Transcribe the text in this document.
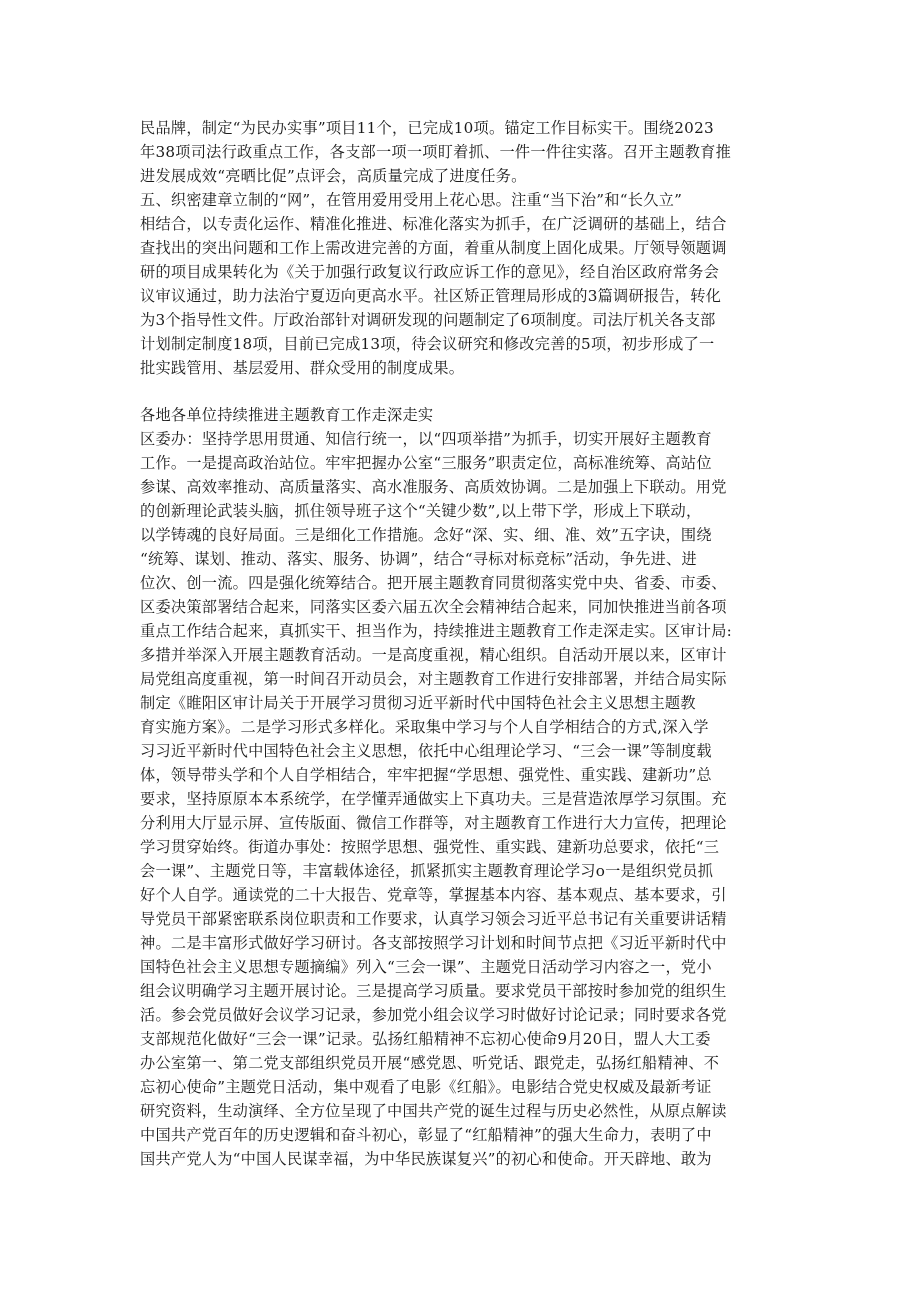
民品牌，制定“为民办实事”项目11个，已完成10项。锚定工作目标实干。围绕2023
年38项司法行政重点工作，各支部一项一项盯着抓、一件一件往实落。召开主题教育推
进发展成效“亮晒比促”点评会，高质量完成了进度任务。
五、织密建章立制的“网”，在管用爱用受用上花心思。注重“当下治”和“长久立”
相结合，以专责化运作、精准化推进、标准化落实为抓手，在广泛调研的基础上，结合
查找出的突出问题和工作上需改进完善的方面，着重从制度上固化成果。厅领导领题调
研的项目成果转化为《关于加强行政复议行政应诉工作的意见》，经自治区政府常务会
议审议通过，助力法治宁夏迈向更高水平。社区矫正管理局形成的3篇调研报告，转化
为3个指导性文件。厅政治部针对调研发现的问题制定了6项制度。司法厅机关各支部
计划制定制度18项，目前已完成13项，待会议研究和修改完善的5项，初步形成了一
批实践管用、基层爱用、群众受用的制度成果。
各地各单位持续推进主题教育工作走深走实
区委办：坚持学思用贯通、知信行统一，以“四项举措”为抓手，切实开展好主题教育
工作。一是提高政治站位。牢牢把握办公室“三服务”职责定位，高标准统筹、高站位
参谋、高效率推动、高质量落实、高水准服务、高质效协调。二是加强上下联动。用党
的创新理论武装头脑，抓住领导班子这个“关键少数”,以上带下学，形成上下联动，
以学铸魂的良好局面。三是细化工作措施。念好“深、实、细、准、效”五字诀，围绕
“统筹、谋划、推动、落实、服务、协调”，结合“寻标对标竞标”活动，争先进、进
位次、创一流。四是强化统筹结合。把开展主题教育同贯彻落实党中央、省委、市委、
区委决策部署结合起来，同落实区委六届五次全会精神结合起来，同加快推进当前各项
重点工作结合起来，真抓实干、担当作为，持续推进主题教育工作走深走实。区审计局:
多措并举深入开展主题教育活动。一是高度重视，精心组织。自活动开展以来，区审计
局党组高度重视，第一时间召开动员会，对主题教育工作进行安排部署，并结合局实际
制定《睢阳区审计局关于开展学习贯彻习近平新时代中国特色社会主义思想主题教
育实施方案》。二是学习形式多样化。采取集中学习与个人自学相结合的方式,深入学
习习近平新时代中国特色社会主义思想，依托中心组理论学习、“三会一课”等制度载
体，领导带头学和个人自学相结合，牢牢把握“学思想、强党性、重实践、建新功”总
要求，坚持原原本本系统学，在学懂弄通做实上下真功夫。三是营造浓厚学习氛围。充
分利用大厅显示屏、宣传版面、微信工作群等，对主题教育工作进行大力宣传，把理论
学习贯穿始终。街道办事处：按照学思想、强党性、重实践、建新功总要求，依托“三
会一课”、主题党日等，丰富载体途径，抓紧抓实主题教育理论学习o一是组织党员抓
好个人自学。通读党的二十大报告、党章等，掌握基本内容、基本观点、基本要求，引
导党员干部紧密联系岗位职责和工作要求，认真学习领会习近平总书记有关重要讲话精
神。二是丰富形式做好学习研讨。各支部按照学习计划和时间节点把《习近平新时代中
国特色社会主义思想专题摘编》列入“三会一课”、主题党日活动学习内容之一，党小
组会议明确学习主题开展讨论。三是提高学习质量。要求党员干部按时参加党的组织生
活。参会党员做好会议学习记录，参加党小组会议学习时做好讨论记录；同时要求各党
支部规范化做好“三会一课”记录。弘扬红船精神不忘初心使命9月20日，盟人大工委
办公室第一、第二党支部组织党员开展“感党恩、听党话、跟党走，弘扬红船精神、不
忘初心使命”主题党日活动，集中观看了电影《红船》。电影结合党史权威及最新考证
研究资料，生动演绎、全方位呈现了中国共产党的诞生过程与历史必然性，从原点解读
中国共产党百年的历史逻辑和奋斗初心，彰显了“红船精神”的强大生命力，表明了中
国共产党人为“中国人民谋幸福，为中华民族谋复兴”的初心和使命。开天辟地、敢为
